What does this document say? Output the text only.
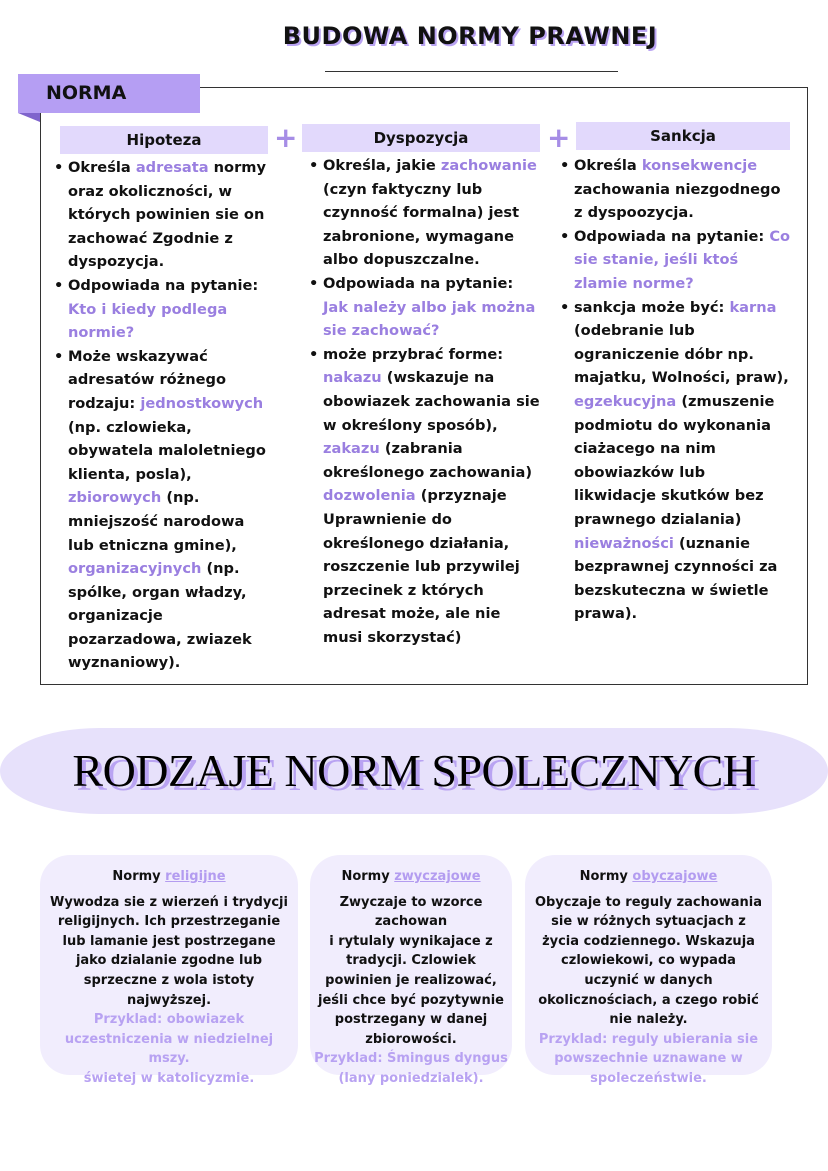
BUDOWA NORMY PRAWNEJ
NORMA
Hipoteza	+	Dyspozycja	+	Sankcja
• Określa adresata normy oraz okoliczności, w których powinien sie on zachować Zgodnie z dyspozycja.
• Odpowiada na pytanie: Kto i kiedy podlega normie?
• Może wskazywać adresatów różnego rodzaju: jednostkowych (np. czlowieka, obywatela maloletniego klienta, posla), zbiorowych (np. mniejszość narodowa lub etniczna gmine), organizacyjnych (np. spólke, organ władzy, organizacje pozarzadowa, zwiazek wyznaniowy).
• Określa, jakie zachowanie (czyn faktyczny lub czynność formalna) jest zabronione, wymagane albo dopuszczalne.
• Odpowiada na pytanie: Jak należy albo jak można sie zachować?
• może przybrać forme: nakazu (wskazuje na obowiazek zachowania sie w określony sposób), zakazu (zabrania określonego zachowania) dozwolenia (przyznaje Uprawnienie do określonego działania, roszczenie lub przywilej przecinek z których adresat może, ale nie musi skorzystać)
• Określa konsekwencje zachowania niezgodnego z dyspoozycja.
• Odpowiada na pytanie: Co sie stanie, jeśli ktoś zlamie norme?
• sankcja może być: karna (odebranie lub ograniczenie dóbr np. majatku, Wolności, praw), egzekucyjna (zmuszenie podmiotu do wykonania ciażacego na nim obowiazków lub likwidacje skutków bez prawnego dzialania) nieważności (uznanie bezprawnej czynności za bezskuteczna w świetle prawa).
RODZAJE NORM SPOLECZNYCH
Normy religijne
Wywodza sie z wierzeń i trydycji religijnych. Ich przestrzeganie lub lamanie jest postrzegane jako dzialanie zgodne lub sprzeczne z wola istoty najwyższej.
Przyklad: obowiazek uczestniczenia w niedzielnej mszy.
świetej w katolicyzmie.
Normy zwyczajowe
Zwyczaje to wzorce zachowan
i rytulaly wynikajace z tradycji. Czlowiek powinien je realizować, jeśli chce być pozytywnie postrzegany w danej zbiorowości.
Przyklad: Śmingus dyngus (lany poniedzialek).
Normy obyczajowe
Obyczaje to reguly zachowania sie w różnych sytuacjach z życia codziennego. Wskazuja czlowiekowi, co wypada uczynić w danych okolicznościach, a czego robić nie należy.
Przyklad: reguly ubierania sie powszechnie uznawane w spoleczeństwie.
